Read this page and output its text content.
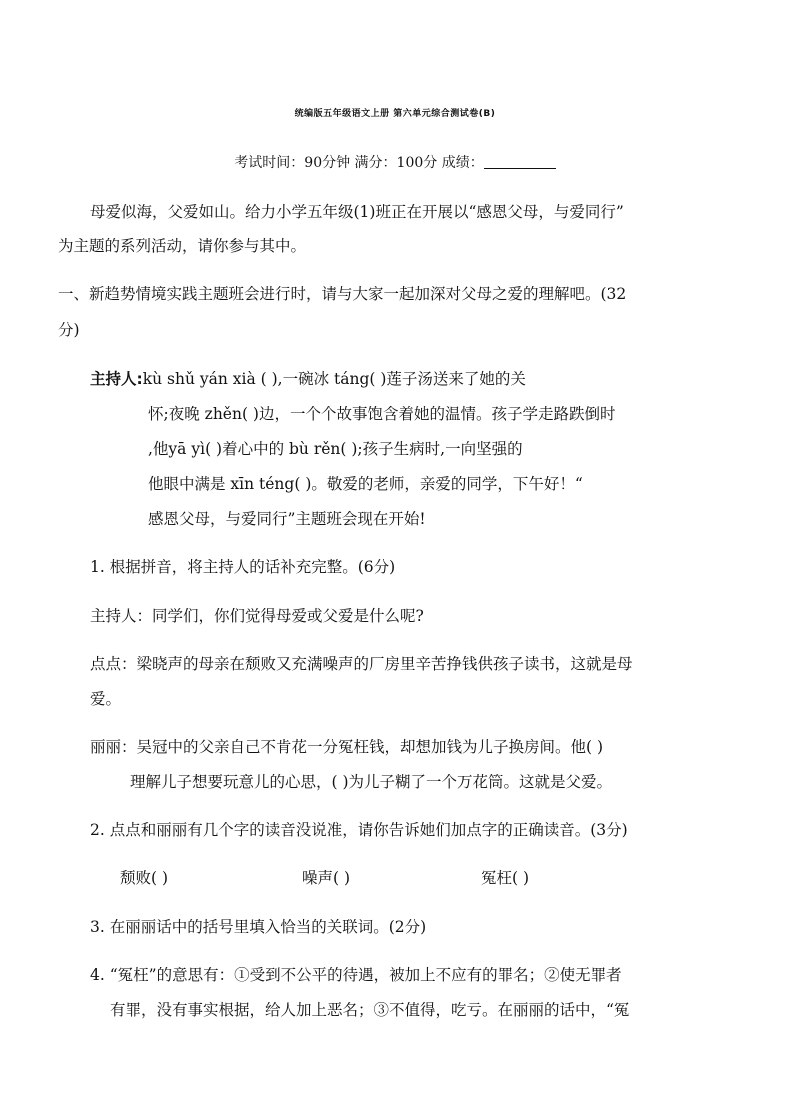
统编版五年级语文上册 第六单元综合测试卷(B)
考试时间：90分钟 满分：100分 成绩：
母爱似海，父爱如山。给力小学五年级(1)班正在开展以“感恩父母，与爱同行”
为主题的系列活动，请你参与其中。
一、新趋势情境实践主题班会进行时，请与大家一起加深对父母之爱的理解吧。(32
分)
主持人:kù shǔ yán xià ( ),一碗冰 táng( )莲子汤送来了她的关
怀;夜晚 zhěn( )边，一个个故事饱含着她的温情。孩子学走路跌倒时
,他yā yì( )着心中的 bù rěn( );孩子生病时,一向坚强的
他眼中满是 xīn téng( )。敬爱的老师，亲爱的同学，下午好！“
感恩父母，与爱同行”主题班会现在开始!
1. 根据拼音，将主持人的话补充完整。(6分)
主持人：同学们，你们觉得母爱或父爱是什么呢?
点点：梁晓声的母亲在颓败又充满噪声的厂房里辛苦挣钱供孩子读书，这就是母
爱。
丽丽：吴冠中的父亲自己不肯花一分冤枉钱，却想加钱为儿子换房间。他( )
理解儿子想要玩意儿的心思，( )为儿子糊了一个万花筒。这就是父爱。
2. 点点和丽丽有几个字的读音没说准，请你告诉她们加点字的正确读音。(3分)
颓败( )	噪声( )	冤枉( )
3. 在丽丽话中的括号里填入恰当的关联词。(2分)
4. “冤枉”的意思有：①受到不公平的待遇，被加上不应有的罪名；②使无罪者
有罪，没有事实根据，给人加上恶名；③不值得，吃亏。在丽丽的话中，“冤
